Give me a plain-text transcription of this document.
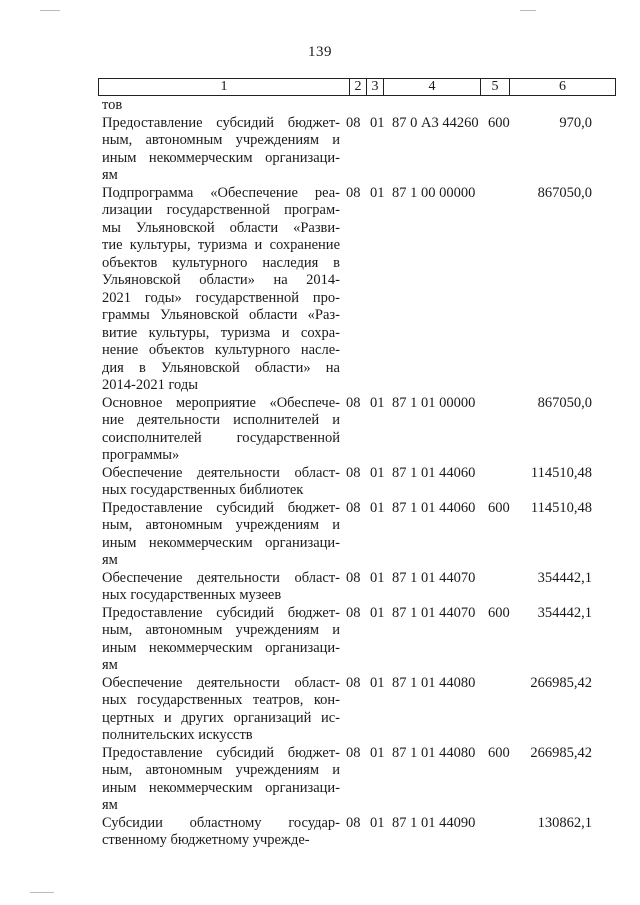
139
1	2 3	4	5	6
тов
Предоставление субсидий бюджет-
ным, автономным учреждениям и
иным некоммерческим организаци-
ям
08 01 87 0 А3 44260 600	970,0
Подпрограмма «Обеспечение реа-
лизации государственной програм-
мы Ульяновской области «Разви-
тие культуры, туризма и сохранение
объектов культурного наследия в
Ульяновской области» на 2014-
2021 годы» государственной про-
граммы Ульяновской области «Раз-
витие культуры, туризма и сохра-
нение объектов культурного насле-
дия в Ульяновской области» на
2014-2021 годы
08 01 87 1 00 00000	867050,0
Основное мероприятие «Обеспече-
ние деятельности исполнителей и
соисполнителей государственной
программы»
08 01 87 1 01 00000	867050,0
Обеспечение деятельности област-
ных государственных библиотек
08 01 87 1 01 44060	114510,48
Предоставление субсидий бюджет-
ным, автономным учреждениям и
иным некоммерческим организаци-
ям
08 01 87 1 01 44060 600 114510,48
Обеспечение деятельности област-
ных государственных музеев
08 01 87 1 01 44070	354442,1
Предоставление субсидий бюджет-
ным, автономным учреждениям и
иным некоммерческим организаци-
ям
08 01 87 1 01 44070 600 354442,1
Обеспечение деятельности област-
ных государственных театров, кон-
цертных и других организаций ис-
полнительских искусств
08 01 87 1 01 44080	266985,42
Предоставление субсидий бюджет-
ным, автономным учреждениям и
иным некоммерческим организаци-
ям
08 01 87 1 01 44080 600 266985,42
Субсидии областному государ-
ственному бюджетному учрежде-
08 01 87 1 01 44090	130862,1
